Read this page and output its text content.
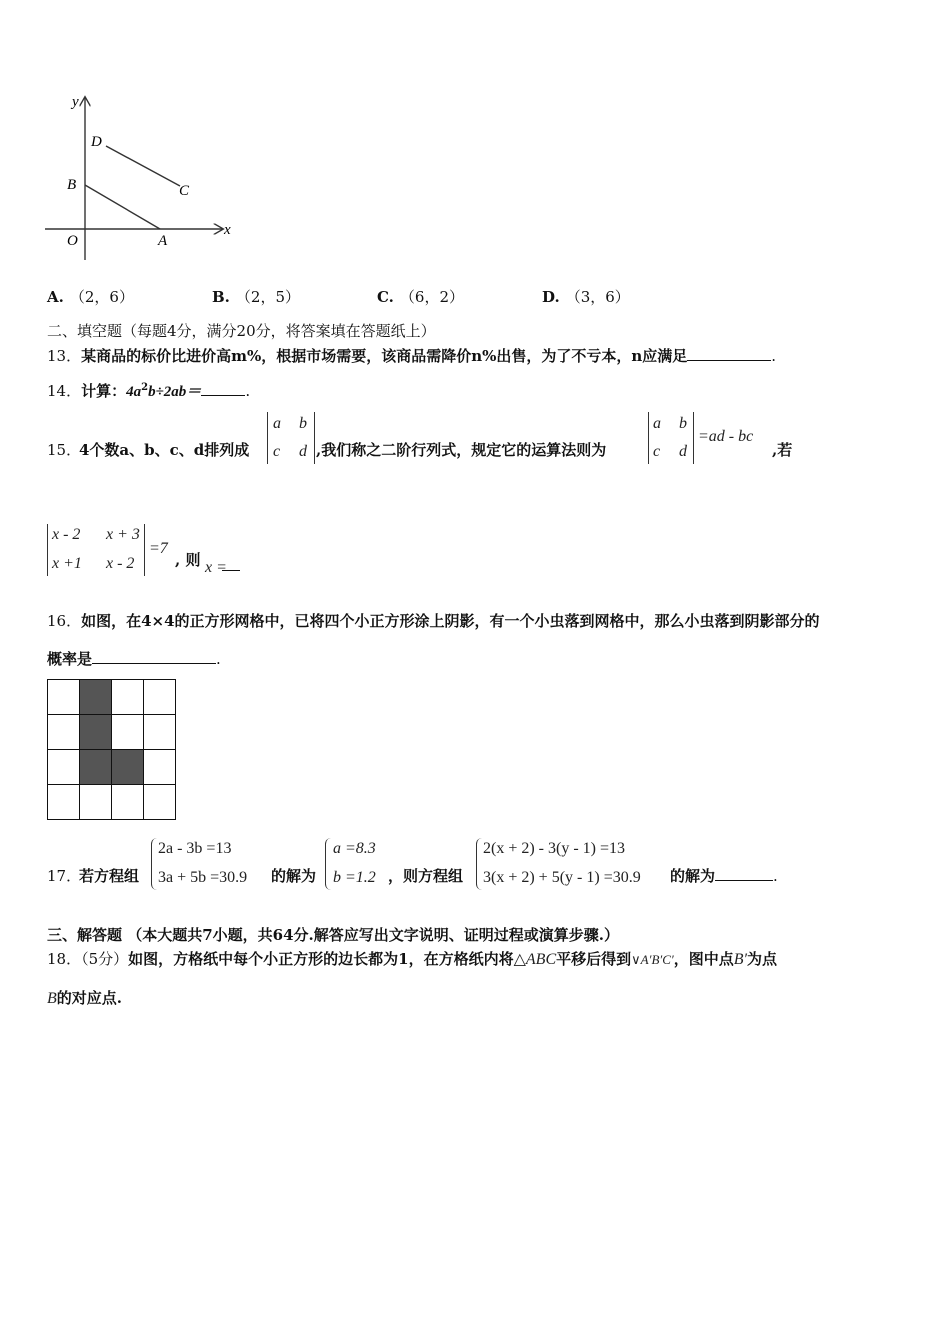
y
x
O	A
B	C
D
A. （2，6）	B. （2，5）	C. （6，2）	D. （3，6）
二、填空题（每题4分，满分20分，将答案填在答题纸上）
13．某商品的标价比进价高m%，根据市场需要，该商品需降价n%出售，为了不亏本，n应满足	.
14．计算：$4a^2b\div 2ab=$	.
15．
4个数a、b、c、d排列成
a b
c d ,我们称之二阶行列式，规定它的运算法则为
a b
c d
=ad - bc
,若
x - 2 x + 3
x +1 x - 2
=7
, 则 x =
16．如图，在4×4的正方形网格中，已将四个小正方形涂上阴影，有一个小虫落到网格中，那么小虫落到阴影部分的
概率是	.
17．
若方程组
2a - 3b =13
3a + 5b =30.9 的解为
a =8.3
b =1.2 ，则方程组
2(x + 2) - 3(y - 1) =13
3(x + 2) + 5(y - 1) =30.9 的解为	.
三、解答题 （本大题共7小题，共64分.解答应写出文字说明、证明过程或演算步骤.）
18．（5分）如图，方格纸中每个小正方形的边长都为1，在方格纸内将△ABC平移后得到∨A′B′C′，图中点B′为点
B的对应点.
